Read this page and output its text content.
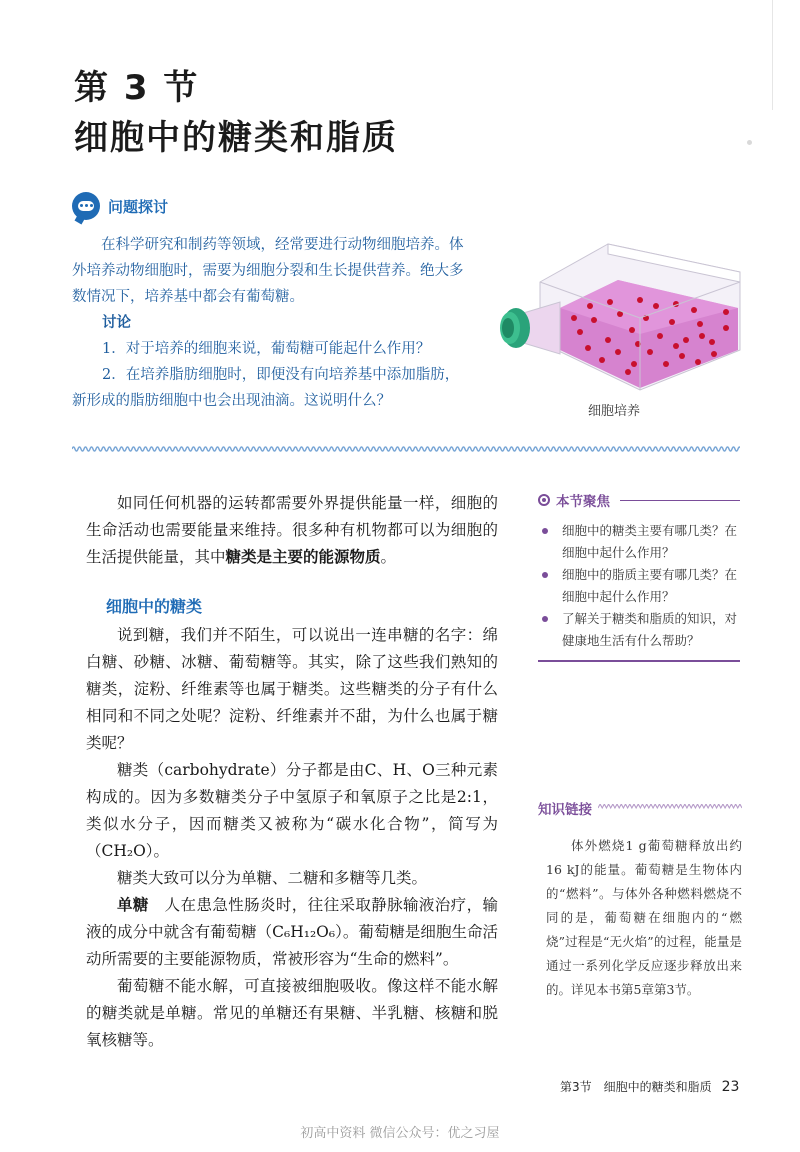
第 3 节
细胞中的糖类和脂质
问题探讨

在科学研究和制药等领域，经常要进行动物细胞培养。体外培养动物细胞时，需要为细胞分裂和生长提供营养。绝大多数情况下，培养基中都会有葡萄糖。

讨论

1．对于培养的细胞来说，葡萄糖可能起什么作用？

2．在培养脂肪细胞时，即便没有向培养基中添加脂肪，新形成的脂肪细胞中也会出现油滴。这说明什么？

细胞培养

如同任何机器的运转都需要外界提供能量一样，细胞的生命活动也需要能量来维持。很多种有机物都可以为细胞的生活提供能量，其中糖类是主要的能源物质。

细胞中的糖类

说到糖，我们并不陌生，可以说出一连串糖的名字：绵白糖、砂糖、冰糖、葡萄糖等。其实，除了这些我们熟知的糖类，淀粉、纤维素等也属于糖类。这些糖类的分子有什么相同和不同之处呢？淀粉、纤维素并不甜，为什么也属于糖类呢？

糖类（carbohydrate）分子都是由C、H、O三种元素构成的。因为多数糖类分子中氢原子和氧原子之比是2:1，类似水分子，因而糖类又被称为“碳水化合物”，简写为（CH₂O）。

糖类大致可以分为单糖、二糖和多糖等几类。

单糖　 人在患急性肠炎时，往往采取静脉输液治疗，输液的成分中就含有葡萄糖（C₆H₁₂O₆）。葡萄糖是细胞生命活动所需要的主要能源物质，常被形容为“生命的燃料”。

葡萄糖不能水解，可直接被细胞吸收。像这样不能水解的糖类就是单糖。常见的单糖还有果糖、半乳糖、核糖和脱氧核糖等。

本节聚焦
细胞中的糖类主要有哪几类？在细胞中起什么作用？
细胞中的脂质主要有哪几类？在细胞中起什么作用？
了解关于糖类和脂质的知识，对健康地生活有什么帮助？
知识链接

体外燃烧1 g葡萄糖释放出约16 kJ的能量。葡萄糖是生物体内的“燃料”。与体外各种燃料燃烧不同的是，葡萄糖在细胞内的“燃烧”过程是“无火焰”的过程，能量是通过一系列化学反应逐步释放出来的。详见本书第5章第3节。

第3节　细胞中的糖类和脂质 23
初高中资料 微信公众号：优之习屋
